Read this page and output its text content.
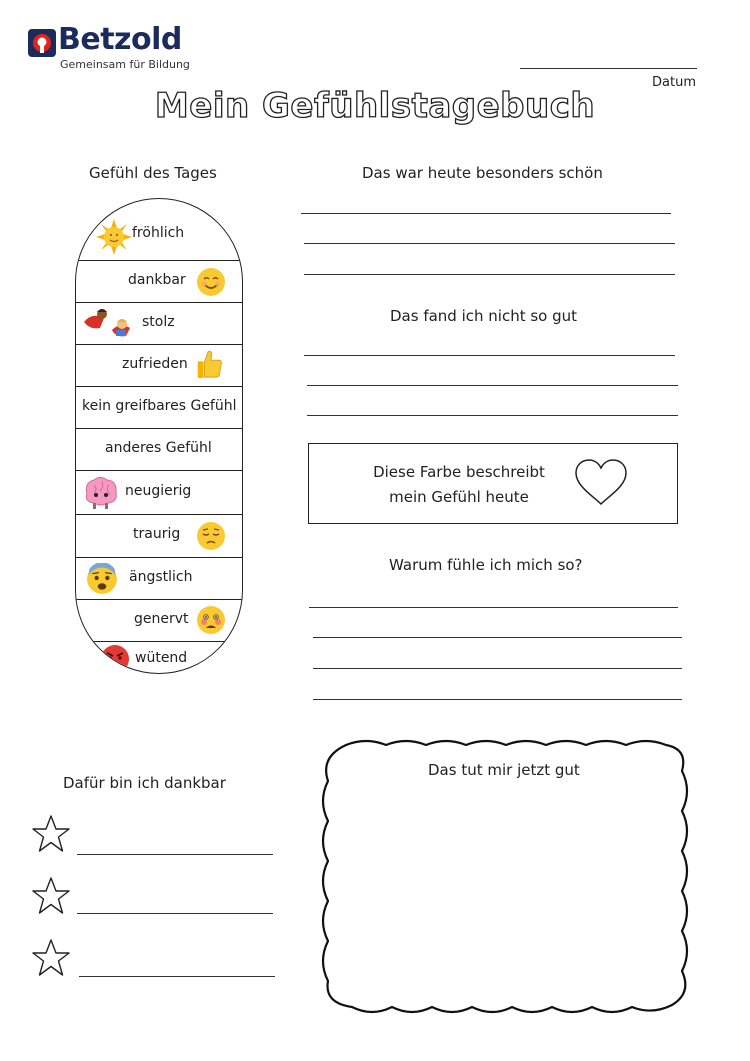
Betzold
Gemeinsam für Bildung
Datum
Mein Gefühlstagebuch
Gefühl des Tages
fröhlich
dankbar
stolz
zufrieden
kein greifbares Gefühl
anderes Gefühl
neugierig
traurig
ängstlich
genervt
wütend
Das war heute besonders schön
Das fand ich nicht so gut
Diese Farbe beschreibt
mein Gefühl heute
Warum fühle ich mich so?
Dafür bin ich dankbar
Das tut mir jetzt gut
